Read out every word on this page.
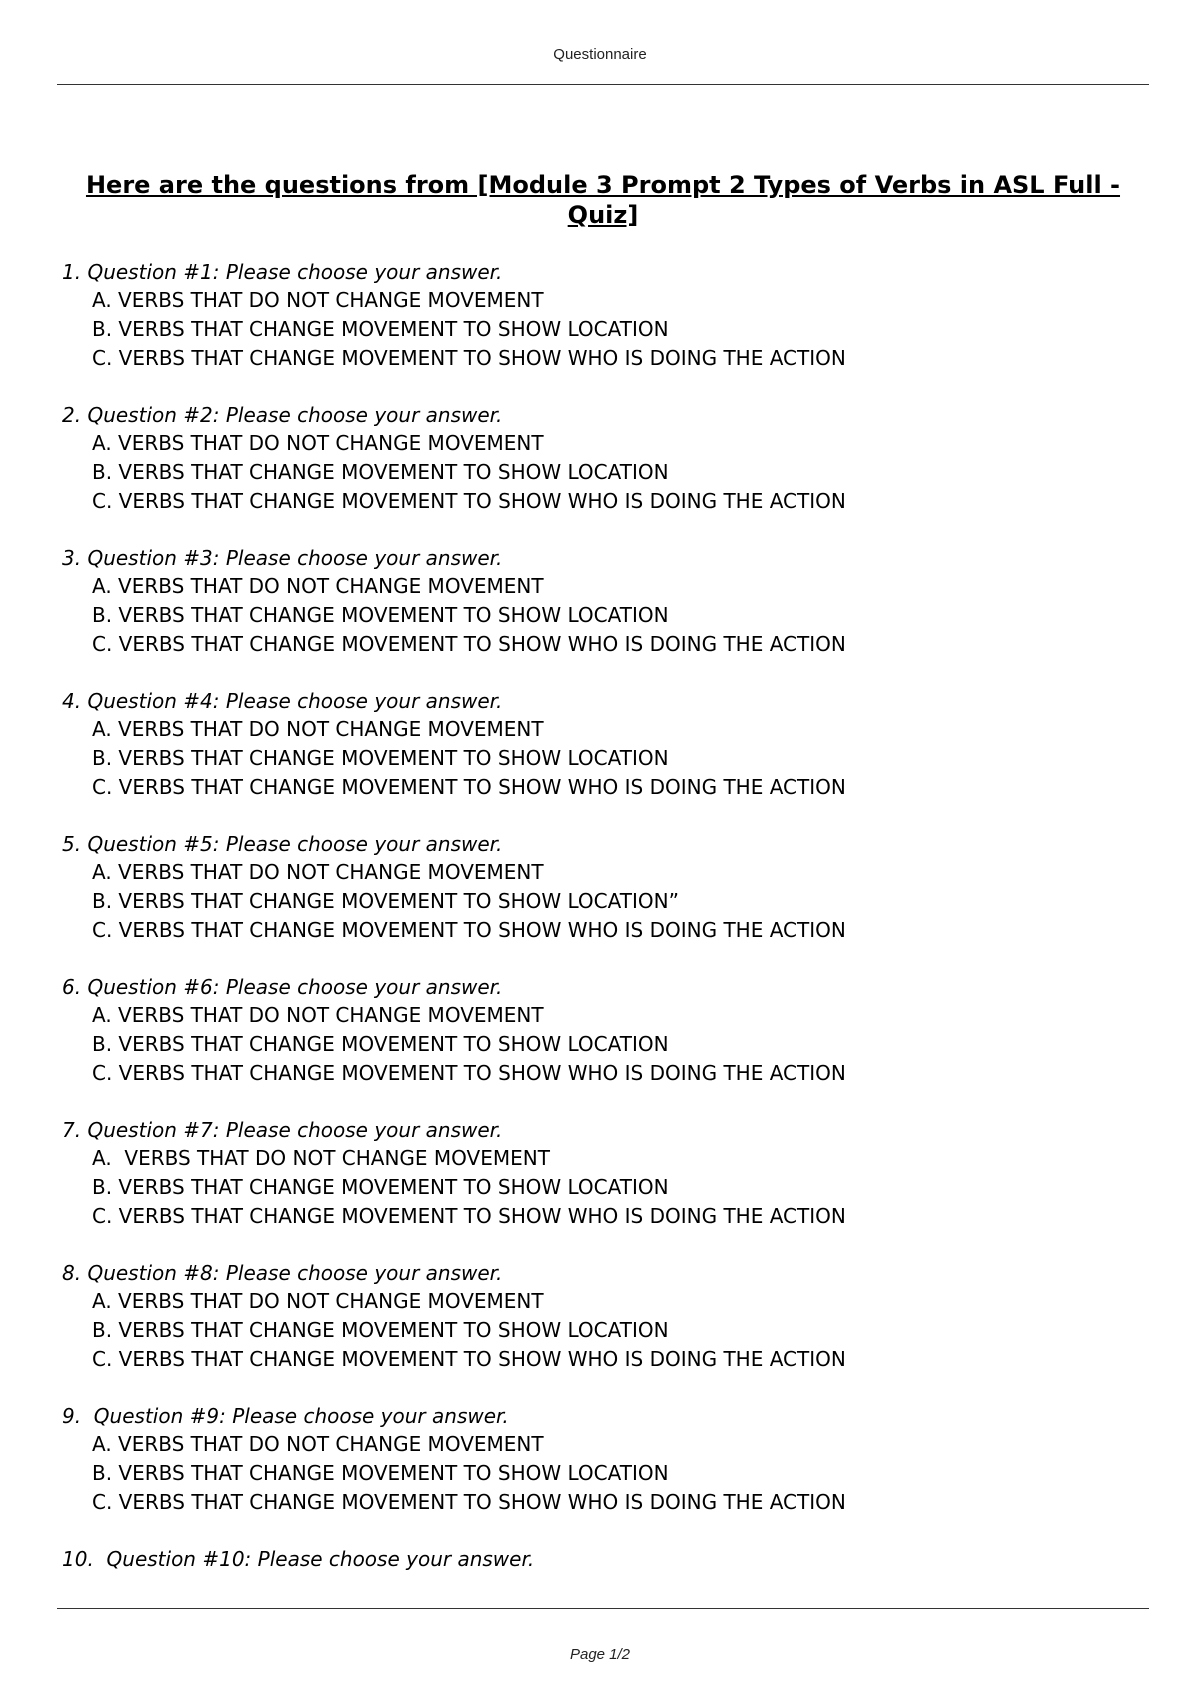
Questionnaire
Here are the questions from [Module 3 Prompt 2 Types of Verbs in ASL Full - Quiz]
1. Question #1: Please choose your answer.
A. VERBS THAT DO NOT CHANGE MOVEMENT
B. VERBS THAT CHANGE MOVEMENT TO SHOW LOCATION
C. VERBS THAT CHANGE MOVEMENT TO SHOW WHO IS DOING THE ACTION
2. Question #2: Please choose your answer.
A. VERBS THAT DO NOT CHANGE MOVEMENT
B. VERBS THAT CHANGE MOVEMENT TO SHOW LOCATION
C. VERBS THAT CHANGE MOVEMENT TO SHOW WHO IS DOING THE ACTION
3. Question #3: Please choose your answer.
A. VERBS THAT DO NOT CHANGE MOVEMENT
B. VERBS THAT CHANGE MOVEMENT TO SHOW LOCATION
C. VERBS THAT CHANGE MOVEMENT TO SHOW WHO IS DOING THE ACTION
4. Question #4: Please choose your answer.
A. VERBS THAT DO NOT CHANGE MOVEMENT
B. VERBS THAT CHANGE MOVEMENT TO SHOW LOCATION
C. VERBS THAT CHANGE MOVEMENT TO SHOW WHO IS DOING THE ACTION
5. Question #5: Please choose your answer.
A. VERBS THAT DO NOT CHANGE MOVEMENT
B. VERBS THAT CHANGE MOVEMENT TO SHOW LOCATION”
C. VERBS THAT CHANGE MOVEMENT TO SHOW WHO IS DOING THE ACTION
6. Question #6: Please choose your answer.
A. VERBS THAT DO NOT CHANGE MOVEMENT
B. VERBS THAT CHANGE MOVEMENT TO SHOW LOCATION
C. VERBS THAT CHANGE MOVEMENT TO SHOW WHO IS DOING THE ACTION
7. Question #7: Please choose your answer.
A.  VERBS THAT DO NOT CHANGE MOVEMENT
B. VERBS THAT CHANGE MOVEMENT TO SHOW LOCATION
C. VERBS THAT CHANGE MOVEMENT TO SHOW WHO IS DOING THE ACTION
8. Question #8: Please choose your answer.
A. VERBS THAT DO NOT CHANGE MOVEMENT
B. VERBS THAT CHANGE MOVEMENT TO SHOW LOCATION
C. VERBS THAT CHANGE MOVEMENT TO SHOW WHO IS DOING THE ACTION
9.  Question #9: Please choose your answer.
A. VERBS THAT DO NOT CHANGE MOVEMENT
B. VERBS THAT CHANGE MOVEMENT TO SHOW LOCATION
C. VERBS THAT CHANGE MOVEMENT TO SHOW WHO IS DOING THE ACTION
10.  Question #10: Please choose your answer.
Page 1/2
